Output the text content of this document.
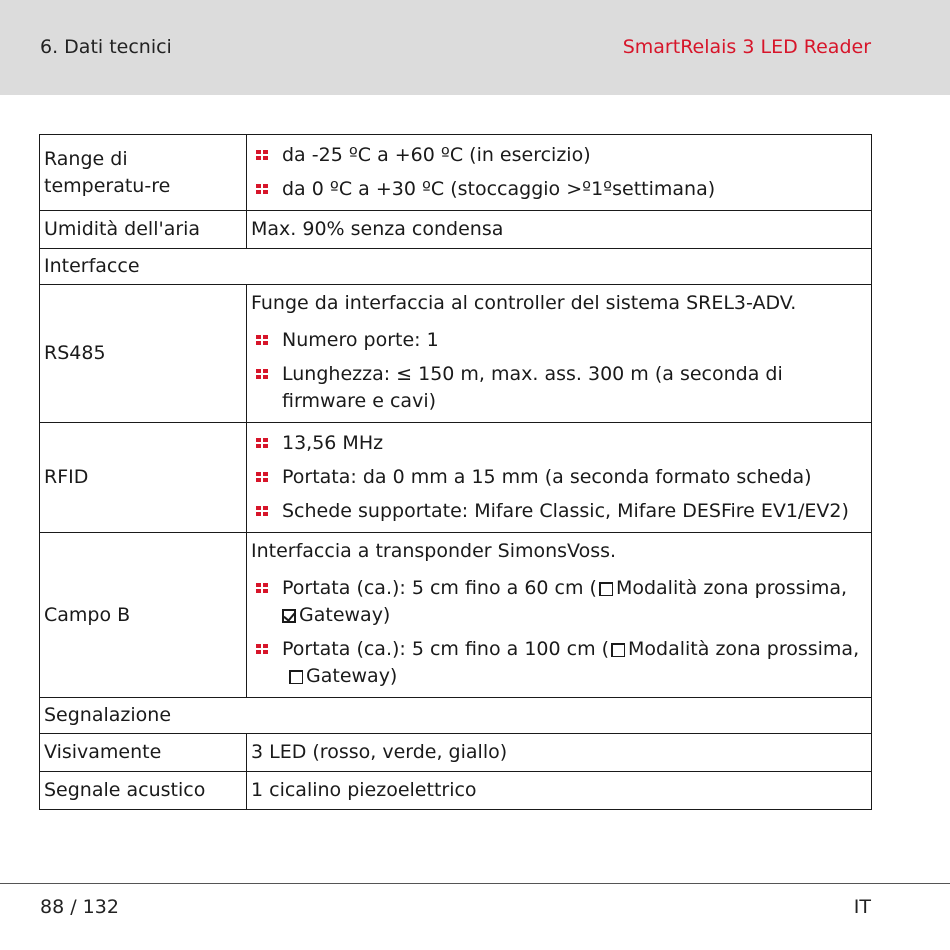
6. Dati tecnici	SmartRelais 3 LED Reader
Range di temperatu-re	da -25 ºC a +60 ºC (in esercizio)
da 0 ºC a +30 ºC (stoccaggio >º1ºsettimana)

Umidità dell'aria	Max. 90% senza condensa
Interfacce	
RS485	Funge da interfaccia al controller del sistema SREL3-ADV.
Numero porte: 1
Lunghezza: ≤ 150 m, max. ass. 300 m (a seconda di firmware e cavi)

RFID	13,56 MHz
Portata: da 0 mm a 15 mm (a seconda formato scheda)
Schede supportate: Mifare Classic, Mifare DESFire EV1/EV2)

Campo B	Interfaccia a transponder SimonsVoss.
Portata (ca.): 5 cm fino a 60 cm ( Modalità zona prossima,
Gateway)
Portata (ca.): 5 cm fino a 100 cm ( Modalità zona prossima,Gateway)

Segnalazione	
Visivamente	3 LED (rosso, verde, giallo)
Segnale acustico	1 cicalino piezoelettrico
88 / 132	IT
